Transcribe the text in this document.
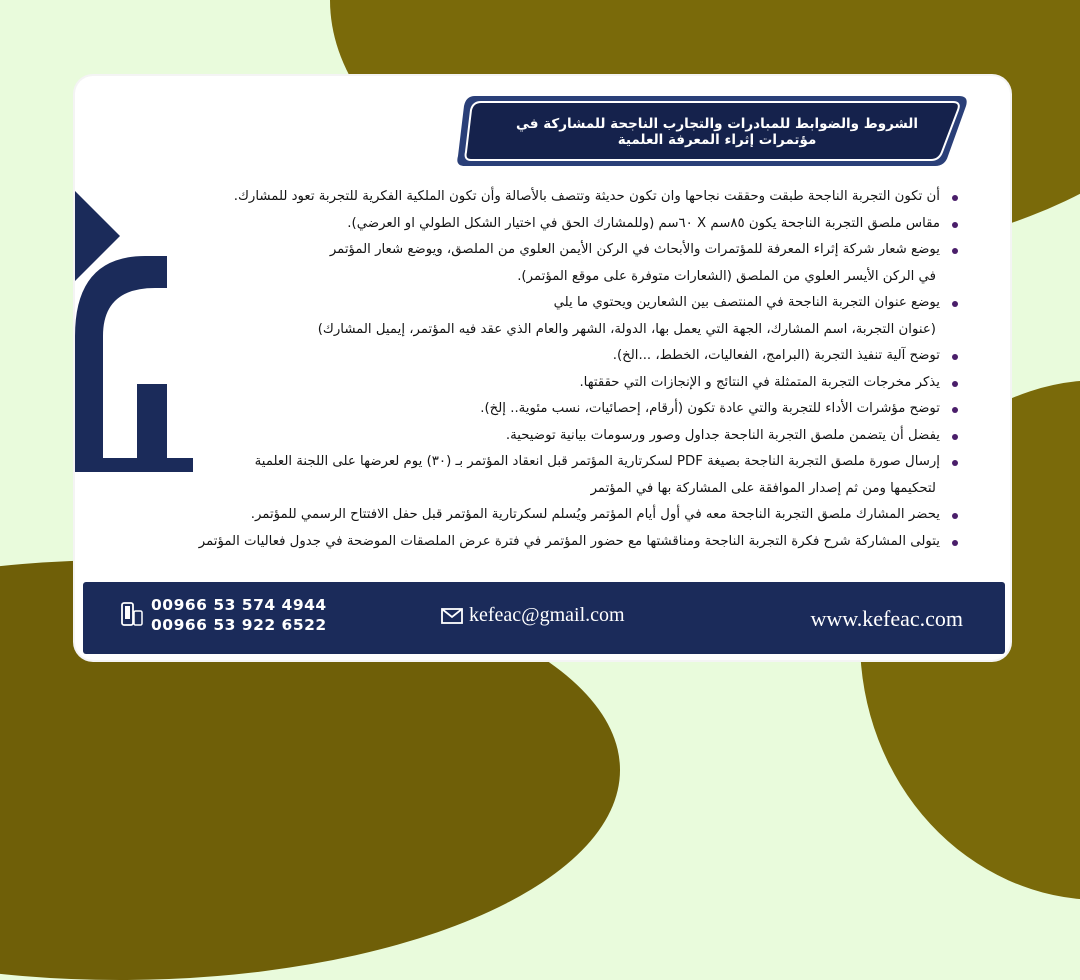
الشروط والضوابط للمبادرات والتجارب الناجحة للمشاركة في مؤتمرات إثراء المعرفة العلمية
أن تكون التجربة الناجحة طبقت وحققت نجاحها وان تكون حديثة وتتصف بالأصالة وأن تكون الملكية الفكرية للتجربة تعود للمشارك.
مقاس ملصق التجربة الناجحة يكون ٨٥سم X ٦٠سم (وللمشارك الحق في اختيار الشكل الطولي او العرضي).
يوضع شعار شركة إثراء المعرفة للمؤتمرات والأبحاث في الركن الأيمن العلوي من الملصق، ويوضع شعار المؤتمر
في الركن الأيسر العلوي من الملصق (الشعارات متوفرة على موقع المؤتمر).
يوضع عنوان التجربة الناجحة في المنتصف بين الشعارين ويحتوي ما يلي
(عنوان التجربة، اسم المشارك، الجهة التي يعمل بها، الدولة، الشهر والعام الذي عقد فيه المؤتمر، إيميل المشارك)
توضح آلية تنفيذ التجربة (البرامج، الفعاليات، الخطط، ...الخ).
يذكر مخرجات التجربة المتمثلة في النتائج و الإنجازات التي حققتها.
توضح مؤشرات الأداء للتجربة والتي عادة تكون (أرقام، إحصائيات، نسب مئوية.. إلخ).
يفضل أن يتضمن ملصق التجربة الناجحة جداول وصور ورسومات بيانية توضيحية.
إرسال صورة ملصق التجربة الناجحة بصيغة PDF لسكرتارية المؤتمر قبل انعقاد المؤتمر بـ (٣٠) يوم لعرضها على اللجنة العلمية
لتحكيمها ومن ثم إصدار الموافقة على المشاركة بها في المؤتمر
يحضر المشارك ملصق التجربة الناجحة معه في أول أيام المؤتمر ويُسلم لسكرتارية المؤتمر قبل حفل الافتتاح الرسمي للمؤتمر.
يتولى المشاركة شرح فكرة التجربة الناجحة ومناقشتها مع حضور المؤتمر في فترة عرض الملصقات الموضحة في جدول فعاليات المؤتمر
00966 53 574 4944
00966 53 922 6522	kefeac@gmail.com	www.kefeac.com
